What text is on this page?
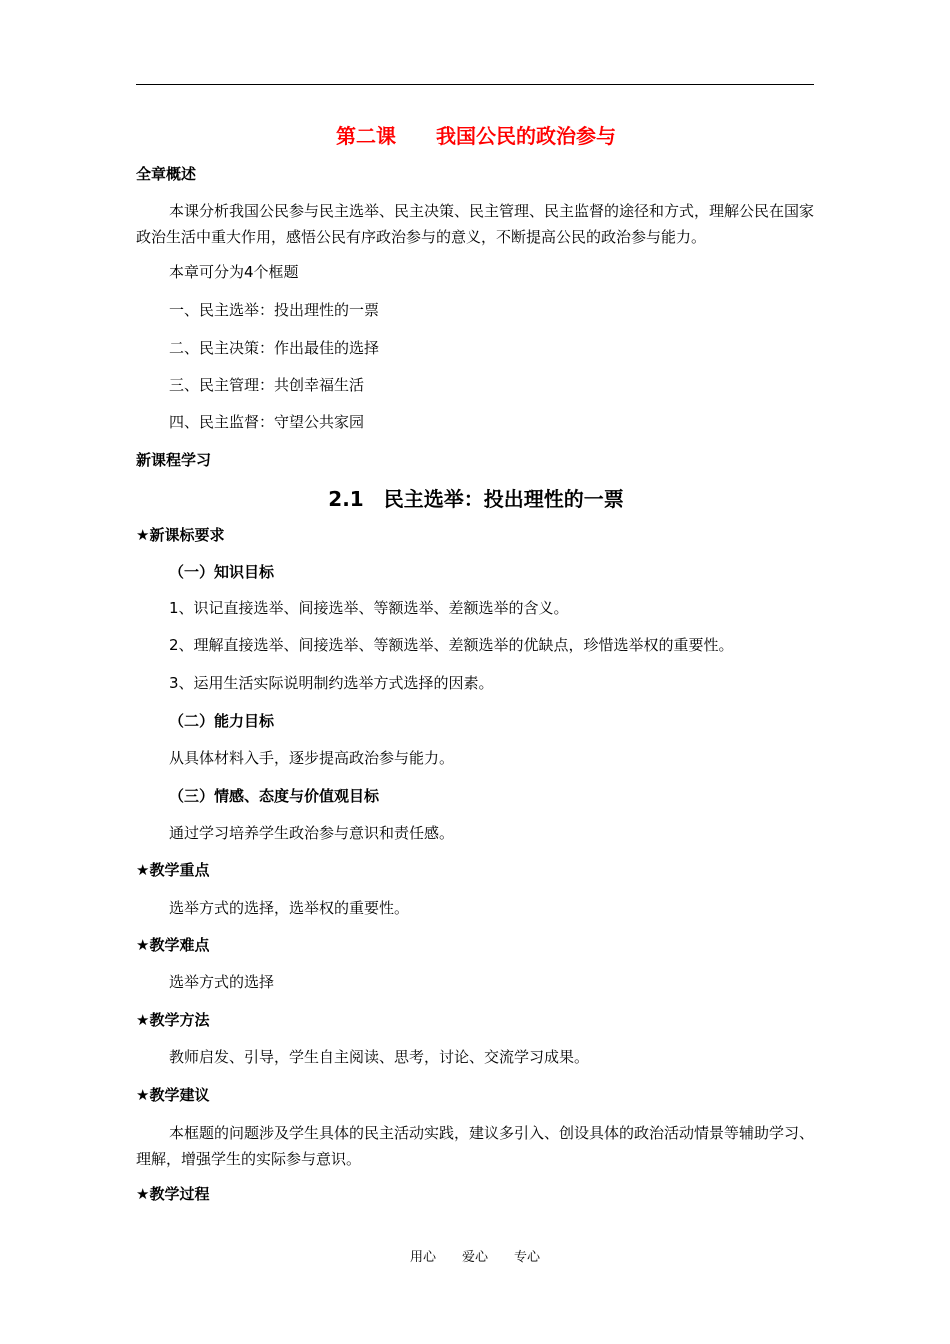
第二课　　我国公民的政治参与
全章概述
本课分析我国公民参与民主选举、民主决策、民主管理、民主监督的途径和方式，理解公民在国家政治生活中重大作用，感悟公民有序政治参与的意义，不断提高公民的政治参与能力。
本章可分为4个框题
一、民主选举：投出理性的一票
二、民主决策：作出最佳的选择
三、民主管理：共创幸福生活
四、民主监督：守望公共家园
新课程学习
2.1　民主选举：投出理性的一票
★新课标要求
（一）知识目标
1、识记直接选举、间接选举、等额选举、差额选举的含义。
2、理解直接选举、间接选举、等额选举、差额选举的优缺点，珍惜选举权的重要性。
3、运用生活实际说明制约选举方式选择的因素。
（二）能力目标
从具体材料入手，逐步提高政治参与能力。
（三）情感、态度与价值观目标
通过学习培养学生政治参与意识和责任感。
★教学重点
选举方式的选择，选举权的重要性。
★教学难点
选举方式的选择
★教学方法
教师启发、引导，学生自主阅读、思考，讨论、交流学习成果。
★教学建议
本框题的问题涉及学生具体的民主活动实践，建议多引入、创设具体的政治活动情景等辅助学习、理解，增强学生的实际参与意识。
★教学过程
用心　　爱心　　专心
